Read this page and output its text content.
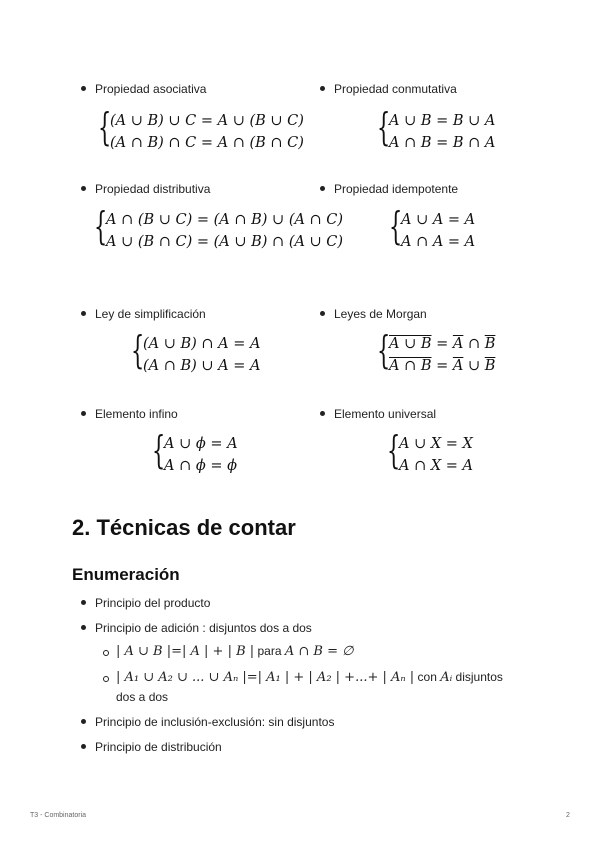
Propiedad asociativa
{
(A ∪ B) ∪ C = A ∪ (B ∪ C)
(A ∩ B) ∩ C = A ∩ (B ∩ C)
Propiedad conmutativa
{
A ∪ B = B ∪ A
A ∩ B = B ∩ A
Propiedad distributiva
{
A ∩ (B ∪ C) = (A ∩ B) ∪ (A ∩ C)
A ∪ (B ∩ C) = (A ∪ B) ∩ (A ∪ C)
Propiedad idempotente
{
A ∪ A = A
A ∩ A = A
Ley de simplificación
{
(A ∪ B) ∩ A = A
(A ∩ B) ∪ A = A
Leyes de Morgan
{
A ∪ $B = \overline{A}$ ∩ $\overline{B}$
A ∩ $B = \overline{A}$ ∪ $\overline{B}$
Elemento infino
{
A ∪ ϕ = A
A ∩ ϕ = ϕ
Elemento universal
{
A ∪ X = X
A ∩ X = A
2. Técnicas de contar
Enumeración
Principio del producto
Principio de adición : disjuntos dos a dos
| A ∪ B |=| A | + | B | para A ∩ B = ∅
| A₁ ∪ A₂ ∪ ... ∪ Aₙ |=| A₁ | + | A₂ | +...+ | Aₙ | con Aᵢ disjuntos
dos a dos
Principio de inclusión-exclusión: sin disjuntos
Principio de distribución
T3 - Combinatoria	2
